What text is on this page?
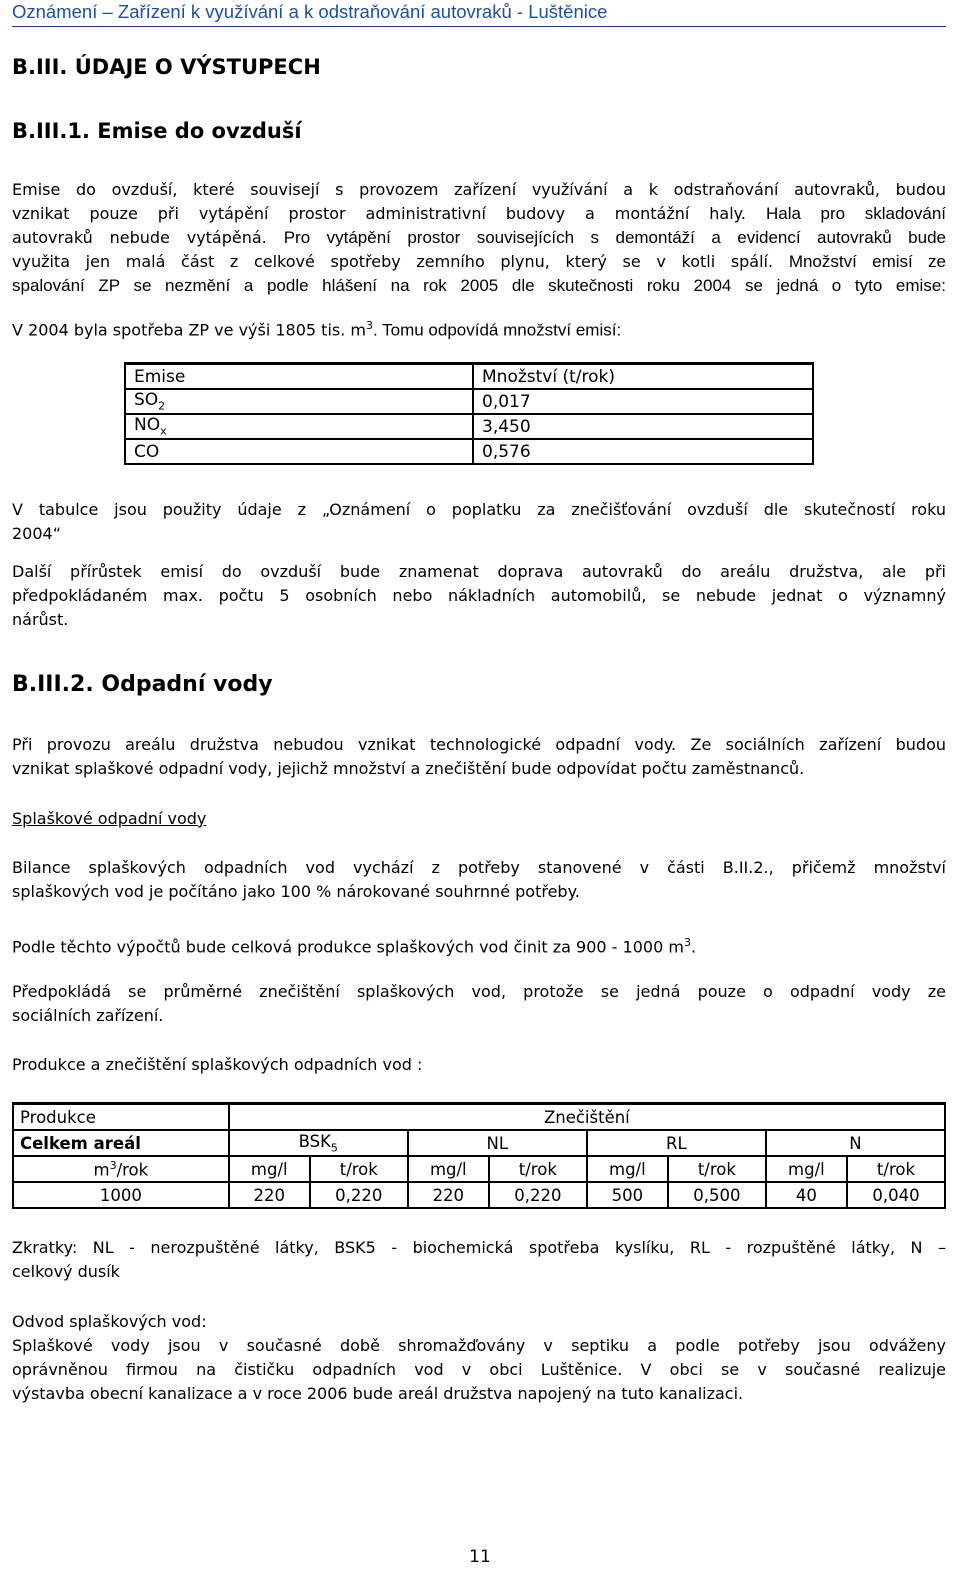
Oznámení – Zařízení k využívání a k odstraňování autovraků - Luštěnice
B.III. ÚDAJE O VÝSTUPECH
B.III.1. Emise do ovzduší
Emise do ovzduší, které souvisejí s provozem zařízení využívání a k odstraňování autovraků, budou
vznikat pouze při vytápění prostor administrativní budovy a montážní haly. Hala pro skladování
autovraků nebude vytápěná. Pro vytápění prostor souvisejících s demontáží a evidencí autovraků bude
využita jen malá část z celkové spotřeby zemního plynu, který se v kotli spálí. Množství emisí ze
spalování ZP se nezmění a podle hlášení na rok 2005 dle skutečnosti roku 2004 se jedná o tyto emise:
V 2004 byla spotřeba ZP ve výši 1805 tis. $m^3$. Tomu odpovídá množství emisí:
Emise	Množství (t/rok)
$SO_2$	0,017
$NO_x$	3,450
CO	0,576
V tabulce jsou použity údaje z „Oznámení o poplatku za znečišťování ovzduší dle skutečností roku
2004“
Další přírůstek emisí do ovzduší bude znamenat doprava autovraků do areálu družstva, ale při
předpokládaném max. počtu 5 osobních nebo nákladních automobilů, se nebude jednat o významný
nárůst.
B.III.2. Odpadní vody
Při provozu areálu družstva nebudou vznikat technologické odpadní vody. Ze sociálních zařízení budou
vznikat splaškové odpadní vody, jejichž množství a znečištění bude odpovídat počtu zaměstnanců.
Splaškové odpadní vody
Bilance splaškových odpadních vod vychází z potřeby stanovené v části B.II.2., přičemž množství
splaškových vod je počítáno jako 100 % nárokované souhrnné potřeby.
Podle těchto výpočtů bude celková produkce splaškových vod činit za 900 - 1000 $m^3$.
Předpokládá se průměrné znečištění splaškových vod, protože se jedná pouze o odpadní vody ze
sociálních zařízení.
Produkce a znečištění splaškových odpadních vod :
Produkce	Znečištění							
Celkem areál	$BSK_5$		NL		RL		N	
$m^3$/rok	mg/l	t/rok	mg/l	t/rok	mg/l	t/rok	mg/l	t/rok
1000	220	0,220	220	0,220	500	0,500	40	0,040
Zkratky: NL - nerozpuštěné látky, BSK5 - biochemická spotřeba kyslíku, RL - rozpuštěné látky, N –
celkový dusík
Odvod splaškových vod:
Splaškové vody jsou v současné době shromažďovány v septiku a podle potřeby jsou odváženy
oprávněnou firmou na čističku odpadních vod v obci Luštěnice. V obci se v současné realizuje
výstavba obecní kanalizace a v roce 2006 bude areál družstva napojený na tuto kanalizaci.
11
